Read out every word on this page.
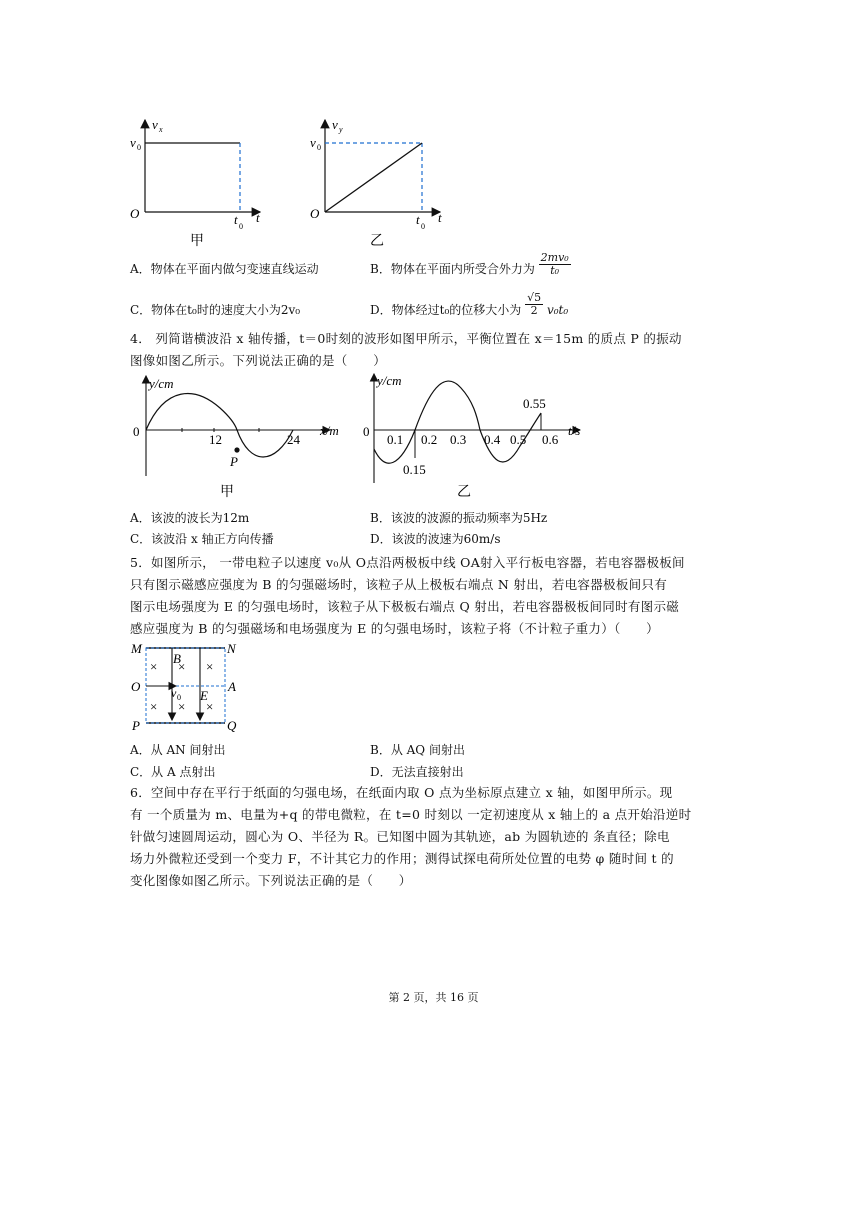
v x
v 0
O	t 0
t
甲
v y
v 0
O	t 0
t
乙
A．物体在平面内做匀变速直线运动	B．物体在平面内所受合外力为 $\frac{\text{2mv₀}}{\text{t₀}}$
C．物体在t₀时的速度大小为2v₀	D．物体经过t₀的位移大小为 $\frac{√5}{2} v_0t_0$
4． 列简谐横波沿 x 轴传播，t＝0时刻的波形如图甲所示，平衡位置在 x＝15m 的质点 P 的振动
图像如图乙所示。下列说法正确的是（　　）
y/cm
0
12	24
x/m
P
甲
y/cm
0
0.1 0.2 0.3 0.4 0.5 0.6
t/s
0.15
0.55
乙
A．该波的波长为12m	B．该波的波源的振动频率为5Hz
C．该波沿 x 轴正方向传播	D．该波的波速为60m/s
5．如图所示， 一带电粒子以速度 v₀从 O点沿两极板中线 OA射入平行板电容器，若电容器极板间
只有图示磁感应强度为 B 的匀强磁场时，该粒子从上极板右端点 N 射出，若电容器极板间只有
图示电场强度为 E 的匀强电场时，该粒子从下极板右端点 Q 射出，若电容器极板间同时有图示磁
感应强度为 B 的匀强磁场和电场强度为 E 的匀强电场时，该粒子将（不计粒子重力）（　　）
× × ×
× × ×
M	N
O	A
P	Q
B
E
v 0
A．从 AN 间射出	B．从 AQ 间射出
C．从 A 点射出	D．无法直接射出
6．空间中存在平行于纸面的匀强电场，在纸面内取 O 点为坐标原点建立 x 轴，如图甲所示。现
有 一个质量为 m、电量为+q 的带电微粒，在 t=0 时刻以 一定初速度从 x 轴上的 a 点开始沿逆时
针做匀速圆周运动，圆心为 O、半径为 R。已知图中圆为其轨迹，ab 为圆轨迹的 条直径；除电
场力外微粒还受到一个变力 F，不计其它力的作用；测得试探电荷所处位置的电势 φ 随时间 t 的
变化图像如图乙所示。下列说法正确的是（　　）
第 2 页，共 16 页
